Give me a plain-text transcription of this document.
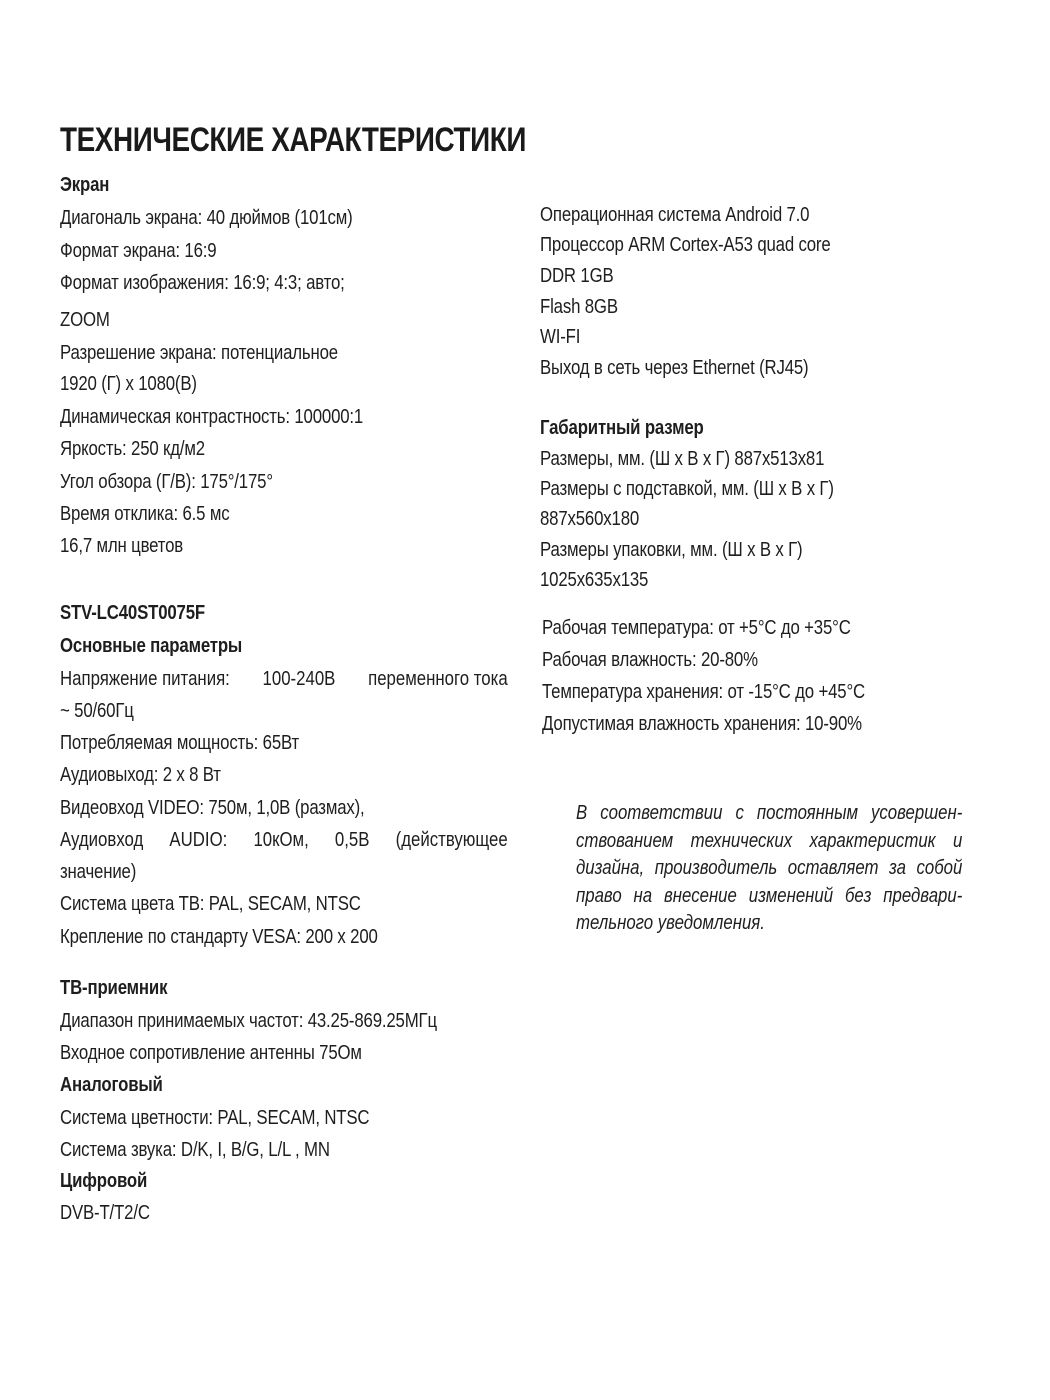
ТЕХНИЧЕСКИЕ ХАРАКТЕРИСТИКИ
Экран
Диагональ экрана: 40 дюймов (101см)
Формат экрана: 16:9
Формат изображения: 16:9; 4:3; авто;
ZOOM
Разрешение экрана: потенциальное
1920 (Г) х 1080(В)
Динамическая контрастность: 100000:1
Яркость: 250 кд/м2
Угол обзора (Г/В): 175°/175°
Время отклика: 6.5 мс
16,7 млн цветов
STV-LC40ST0075F
Основные параметры
Напряжение питания: 100-240В переменного тока
~ 50/60Гц
Потребляемая мощность: 65Вт
Аудиовыход: 2 х 8 Вт
Видеовход VIDEO: 750м, 1,0В (размах),
Аудиовход AUDIO: 10кОм, 0,5В (действующее
значение)
Система цвета ТВ: PAL, SECAM, NTSC
Крепление по стандарту VESA: 200 х 200
ТВ-приемник
Диапазон принимаемых частот: 43.25-869.25МГц
Входное сопротивление антенны 75Ом
Аналоговый
Система цветности: PAL, SECAM, NTSC
Система звука: D/K, I, B/G, L/L , MN
Цифровой
DVB-T/T2/C
Операционная система Android 7.0
Процессор ARM Cortex-A53 quad core
DDR 1GB
Flash 8GB
WI-FI
Выход в сеть через Ethernet (RJ45)
Габаритный размер
Размеры, мм. (Ш х В х Г) 887x513x81
Размеры с подставкой, мм. (Ш х В х Г)
887x560x180
Размеры упаковки, мм. (Ш х В х Г)
1025x635x135
Рабочая температура: от +5°С до +35°С
Рабочая влажность: 20-80%
Температура хранения: от -15°С до +45°С
Допустимая влажность хранения: 10-90%
В соответствии с постоянным усовершен-
ствованием технических характеристик и
дизайна, производитель оставляет за собой
право на внесение изменений без предвари-
тельного уведомления.
